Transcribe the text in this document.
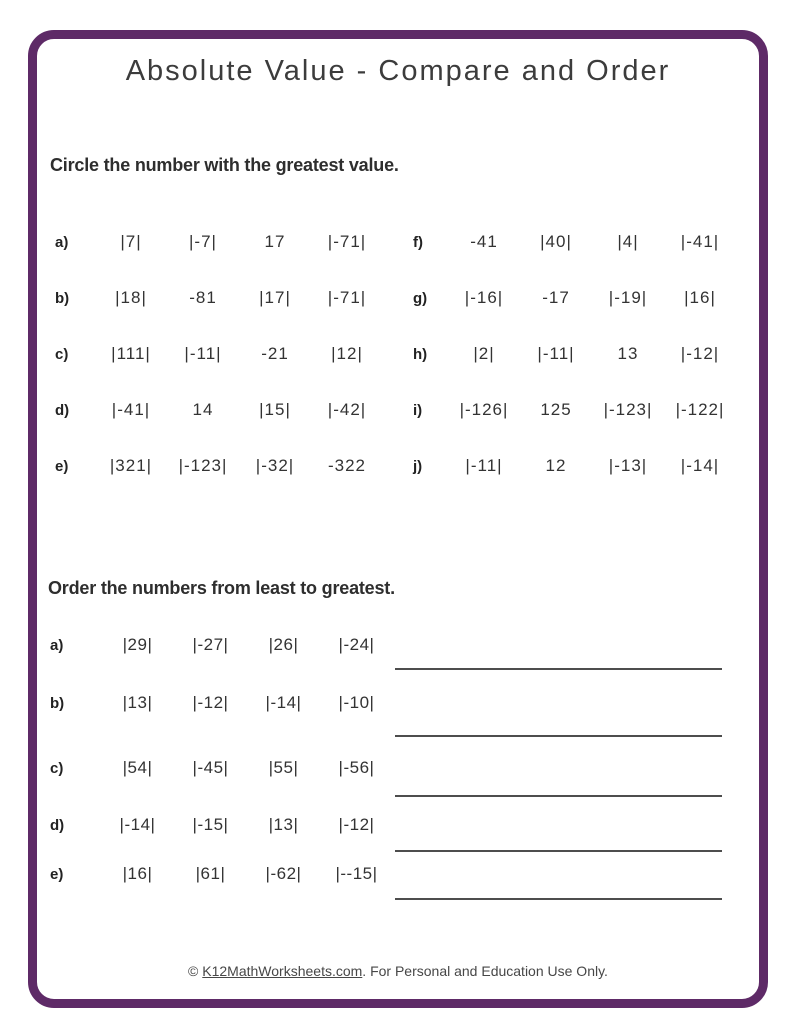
Absolute Value - Compare and Order
Circle the number with the greatest value.
a)	|7|	|-7|	17	|-71|	f)	-41	|40|	|4|	|-41|
b)	|18|	-81	|17|	|-71|	g)	|-16|	-17	|-19|	|16|
c)	|111|	|-11|	-21	|12|	h)	|2|	|-11|	13	|-12|
d)	|-41|	14	|15|	|-42|	i)	|-126|	125	|-123|	|-122|
e)	|321|	|-123|	|-32|	-322	j)	|-11|	12	|-13|	|-14|
Order the numbers from least to greatest.
a)	|29|	|-27|	|26|	|-24|
b)	|13|	|-12|	|-14|	|-10|
c)	|54|	|-45|	|55|	|-56|
d)	|-14|	|-15|	|13|	|-12|
e)	|16|	|61|	|-62|	|--15|
© K12MathWorksheets.com. For Personal and Education Use Only.
